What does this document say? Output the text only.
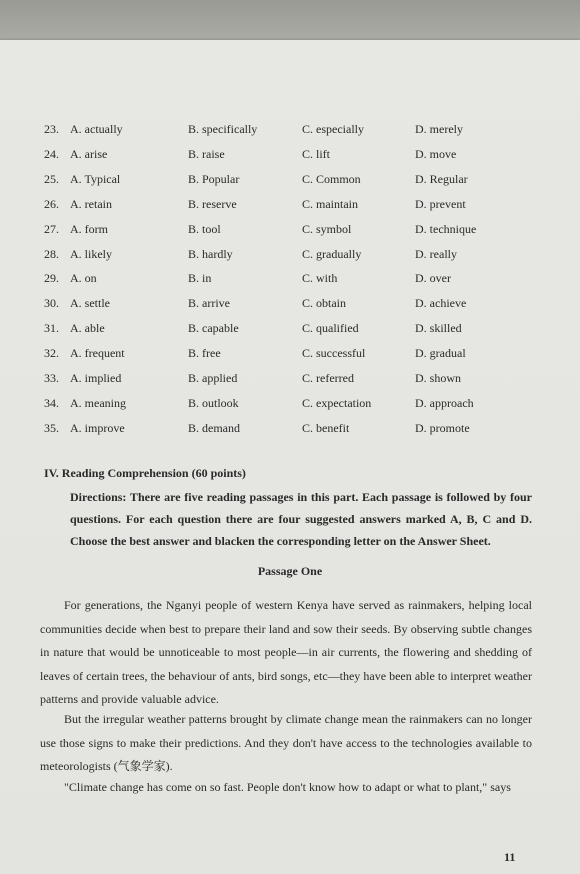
23. A. actually	B. specifically	C. especially	D. merely
24. A. arise	B. raise	C. lift	D. move
25. A. Typical	B. Popular	C. Common	D. Regular
26. A. retain	B. reserve	C. maintain	D. prevent
27. A. form	B. tool	C. symbol	D. technique
28. A. likely	B. hardly	C. gradually	D. really
29. A. on	B. in	C. with	D. over
30. A. settle	B. arrive	C. obtain	D. achieve
31. A. able	B. capable	C. qualified	D. skilled
32. A. frequent	B. free	C. successful	D. gradual
33. A. implied	B. applied	C. referred	D. shown
34. A. meaning	B. outlook	C. expectation	D. approach
35. A. improve	B. demand	C. benefit	D. promote
IV. Reading Comprehension (60 points)
Directions: There are five reading passages in this part. Each passage is followed by four questions. For each question there are four suggested answers marked A, B, C and D. Choose the best answer and blacken the corresponding letter on the Answer Sheet.
Passage One
For generations, the Nganyi people of western Kenya have served as rainmakers, helping local communities decide when best to prepare their land and sow their seeds. By observing subtle changes in nature that would be unnoticeable to most people—in air currents, the flowering and shedding of leaves of certain trees, the behaviour of ants, bird songs, etc—they have been able to interpret weather patterns and provide valuable advice.
But the irregular weather patterns brought by climate change mean the rainmakers can no longer use those signs to make their predictions. And they don't have access to the technologies available to meteorologists (气象学家).
"Climate change has come on so fast. People don't know how to adapt or what to plant," says
11
